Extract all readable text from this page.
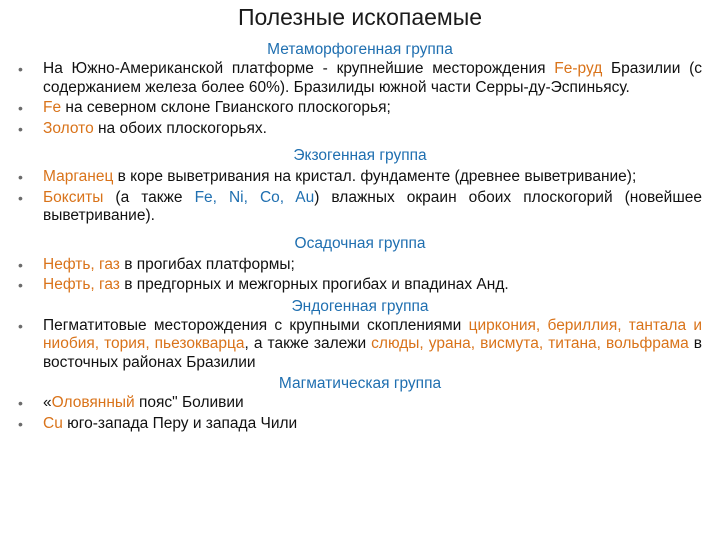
Полезные ископаемые

Метаморфогенная группа

• На Южно-Американской платформе - крупнейшие месторождения Fe-руд Бразилии (с содержанием железа более 60%). Бразилиды южной части Серры-ду-Эспиньясу.
• Fe на северном склоне Гвианского плоскогорья;
• Золото на обоих плоскогорьях.

Экзогенная группа

• Марганец в коре выветривания на кристал. фундаменте (древнее выветривание);
• Бокситы (а также Fe, Ni, Co, Au) влажных окраин обоих плоскогорий (новейшее выветривание).

Осадочная группа

• Нефть, газ в прогибах платформы;
• Нефть, газ в предгорных и межгорных прогибах и впадинах Анд.

Эндогенная группа

• Пегматитовые месторождения с крупными скоплениями циркония, бериллия, тантала и ниобия, тория, пьезокварца, а также залежи слюды, урана, висмута, титана, вольфрама в восточных районах Бразилии

Магматическая группа

• «Оловянный пояс" Боливии
• Cu юго-запада Перу и запада Чили
